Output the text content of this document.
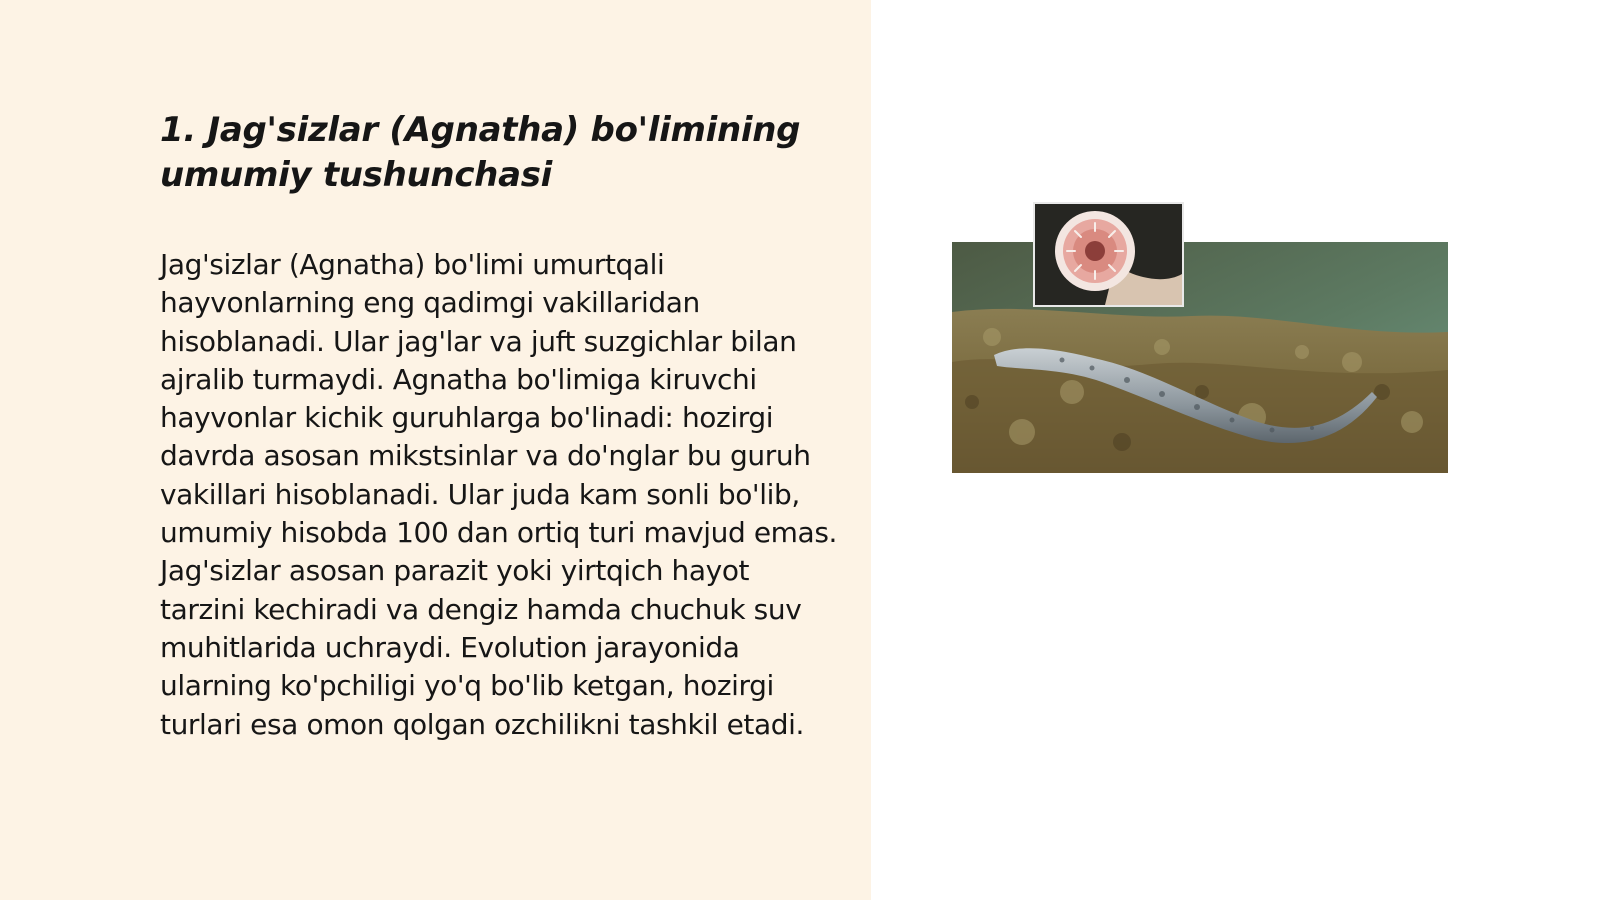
1. Jag'sizlar (Agnatha) bo'limining umumiy tushunchasi

Jag'sizlar (Agnatha) bo'limi umurtqali hayvonlarning eng qadimgi vakillaridan hisoblanadi. Ular jag'lar va juft suzgichlar bilan ajralib turmaydi. Agnatha bo'limiga kiruvchi hayvonlar kichik guruhlarga bo'linadi: hozirgi davrda asosan mikstsinlar va do'nglar bu guruh vakillari hisoblanadi. Ular juda kam sonli bo'lib, umumiy hisobda 100 dan ortiq turi mavjud emas. Jag'sizlar asosan parazit yoki yirtqich hayot tarzini kechiradi va dengiz hamda chuchuk suv muhitlarida uchraydi. Evolution jarayonida ularning ko'pchiligi yo'q bo'lib ketgan, hozirgi turlari esa omon qolgan ozchilikni tashkil etadi.
